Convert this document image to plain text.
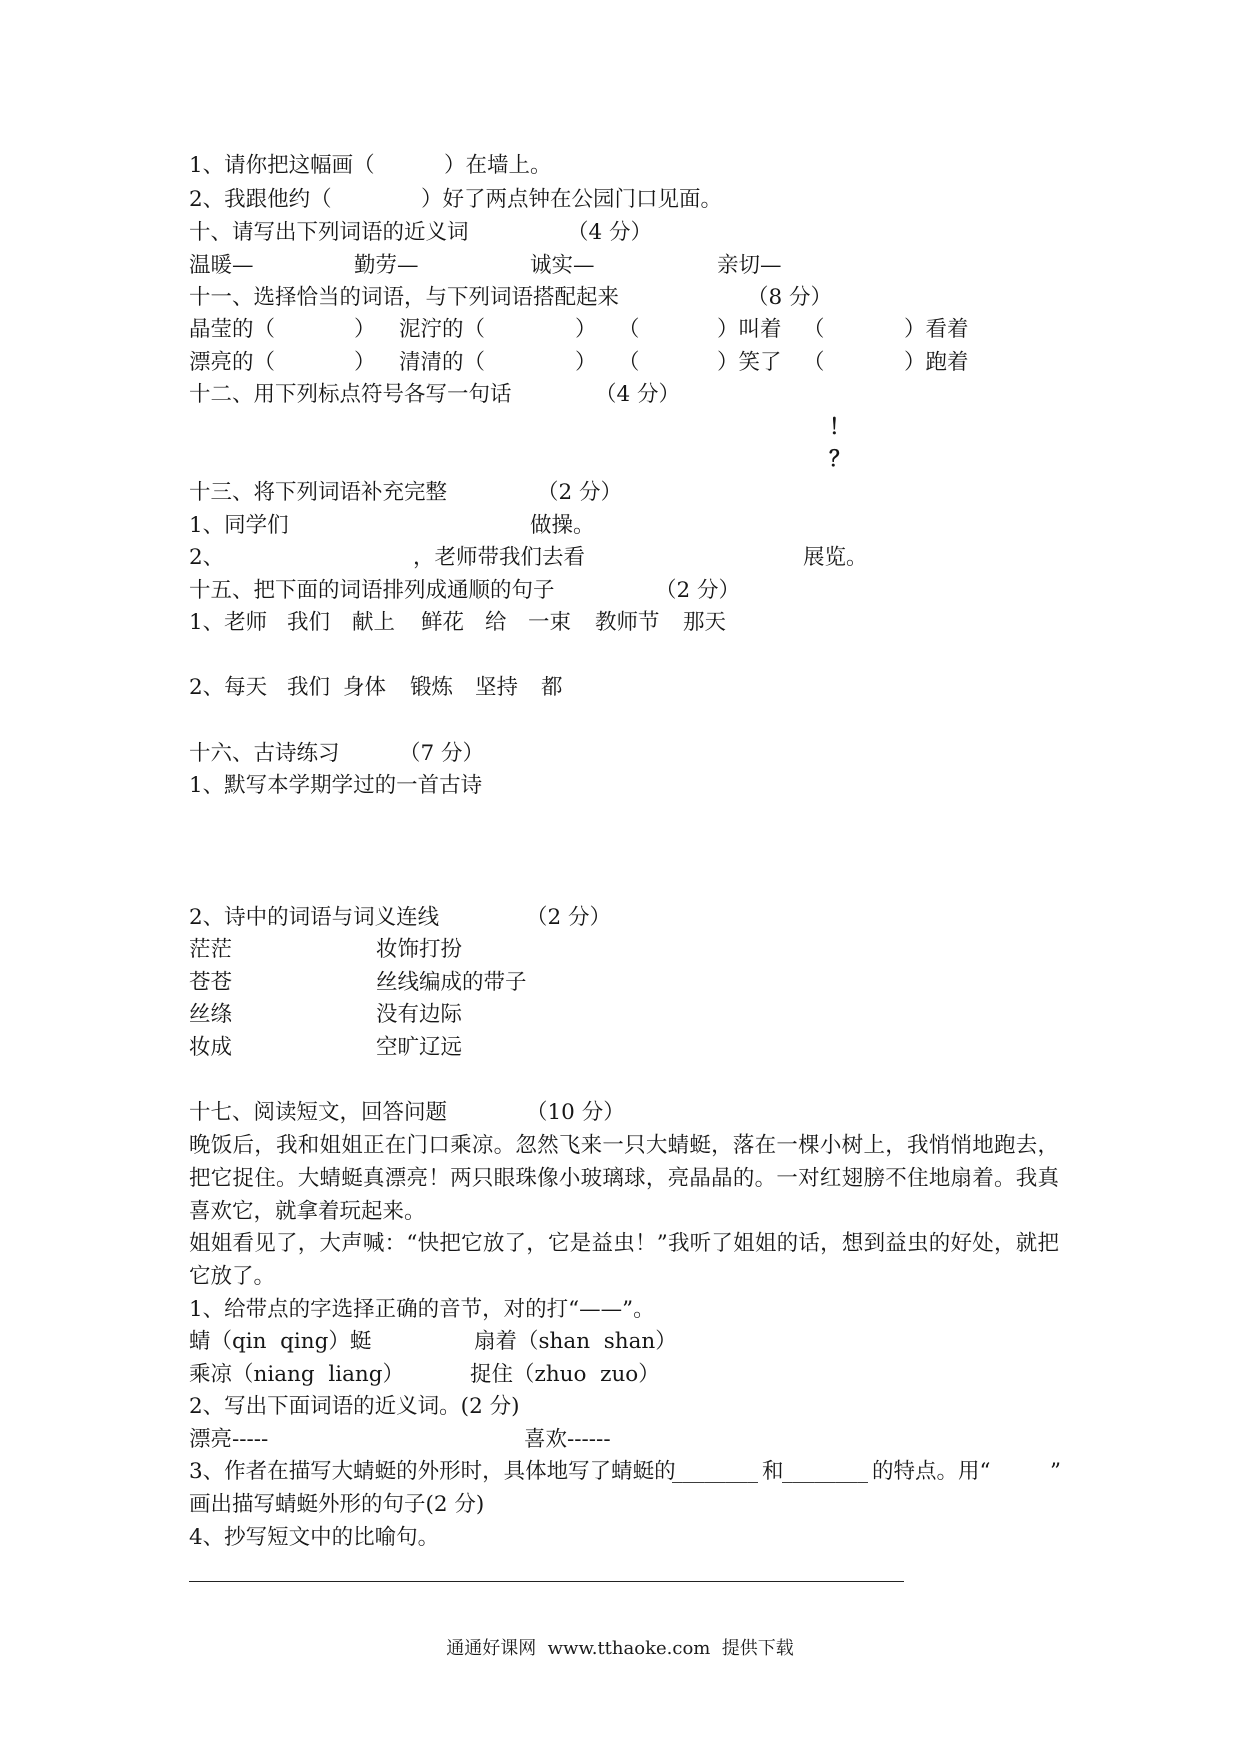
1、请你把这幅画（	）在墙上。
2、我跟他约（	）好了两点钟在公园门口见面。
十、请写出下列词语的近义词	（4 分）
温暖—	勤劳—	诚实—	亲切—
十一、选择恰当的词语，与下列词语搭配起来	（8 分）
晶莹的（	） 泥泞的（	） （	）叫着 （	）看着
漂亮的（	） 清清的（	） （	）笑了 （	）跑着
十二、用下列标点符号各写一句话	（4 分）
！
？
十三、将下列词语补充完整	（2 分）
1、同学们	做操。
2、	，老师带我们去看	展览。
十五、把下面的词语排列成通顺的句子	（2 分）
1、老师 我们 献上 鲜花 给 一束 教师节 那天
2、每天 我们 身体 锻炼 坚持 都
十六、古诗练习	（7 分）
1、默写本学期学过的一首古诗
2、诗中的词语与词义连线	（2 分）
茫茫	妆饰打扮
苍苍	丝线编成的带子
丝绦	没有边际
妆成	空旷辽远
十七、阅读短文，回答问题	（10 分）
晚饭后，我和姐姐正在门口乘凉。忽然飞来一只大蜻蜓，落在一棵小树上，我悄悄地跑去，
把它捉住。大蜻蜓真漂亮！两只眼珠像小玻璃球，亮晶晶的。一对红翅膀不住地扇着。我真
喜欢它，就拿着玩起来。
姐姐看见了，大声喊：“快把它放了，它是益虫！”我听了姐姐的话，想到益虫的好处，就把
它放了。
1、给带点的字选择正确的音节，对的打“——”。
蜻（qin  qing）蜓	扇着（shan  shan）
乘凉（niang  liang）	捉住（zhuo  zuo）
2、写出下面词语的近义词。(2 分)
漂亮-----	喜欢------
3、作者在描写大蜻蜓的外形时，具体地写了蜻蜓的
________ 和
________ 的特点。用“	”
画出描写蜻蜓外形的句子(2 分)
4、抄写短文中的比喻句。
通通好课网  www.tthaoke.com  提供下载
